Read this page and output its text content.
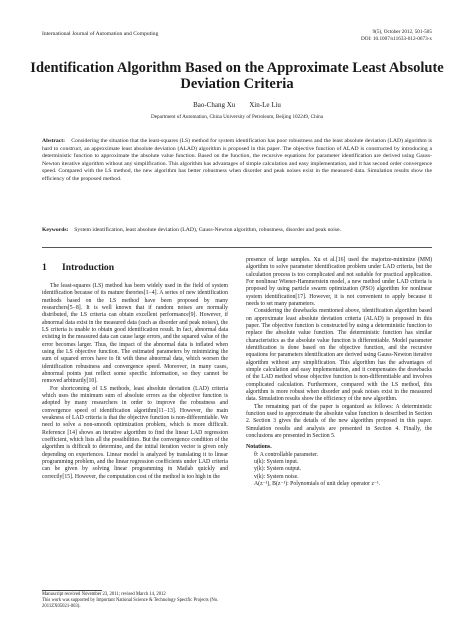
International Journal of Automation and Computing	9(5), October 2012, 501-505
DOI: 10.1007/s11633-012-0673-x
Identification Algorithm Based on the Approximate Least Absolute Deviation Criteria
Bao-Chang Xu        Xin-Le Liu
Department of Automation, China University of Petroleum, Beijing 102249, China
Abstract: Considering the situation that the least-squares (LS) method for system identification has poor robustness and the least absolute deviation (LAD) algorithm is hard to construct, an approximate least absolute deviation (ALAD) algorithm is proposed in this paper. The objective function of ALAD is constructed by introducing a deterministic function to approximate the absolute value function. Based on the function, the recursive equations for parameter identification are derived using Gauss-Newton iterative algorithm without any simplification. This algorithm has advantages of simple calculation and easy implementation, and it has second order convergence speed. Compared with the LS method, the new algorithm has better robustness when disorder and peak noises exist in the measured data. Simulation results show the efficiency of the proposed method.
Keywords: System identification, least absolute deviation (LAD), Gauss-Newton algorithm, robustness, disorder and peak noise.
1 Introduction

The least-squares (LS) method has been widely used in the field of system identification because of its mature theories[1−4]. A series of new identification methods based on the LS method have been proposed by many researchers[5−8]. It is well known that if random noises are normally distributed, the LS criteria can obtain excellent performance[9]. However, if abnormal data exist in the measured data (such as disorder and peak noises), the LS criteria is unable to obtain good identification result. In fact, abnormal data existing in the measured data can cause large errors, and the squared value of the error becomes larger. Thus, the impact of the abnormal data is inflated when using the LS objective function. The estimated parameters by minimizing the sum of squared errors have to fit with these abnormal data, which worsen the identification robustness and convergence speed. Moreover, in many cases, abnormal points just reflect some specific information, so they cannot be removed arbitrarily[10].

For shortcoming of LS methods, least absolute deviation (LAD) criteria which uses the minimum sum of absolute errors as the objective function is adopted by many researchers in order to improve the robustness and convergence speed of identification algorithm[11−13]. However, the main weakness of LAD criteria is that the objective function is non-differentiable. We need to solve a non-smooth optimization problem, which is more difficult. Reference [14] shows an iterative algorithm to find the linear LAD regression coefficient, which lists all the possibilities. But the convergence condition of the algorithm is difficult to determine, and the initial iteration vector is given only depending on experiences. Linear model is analyzed by translating it to linear programming problem, and the linear regression coefficients under LAD criteria can be given by solving linear programming in Matlab quickly and correctly[15]. However, the computation cost of the method is too high in the

presence of large samples. Xu et al.[16] used the majorize-minimize (MM) algorithm to solve parameter identification problem under LAD criteria, but the calculation process is too complicated and not suitable for practical application. For nonlinear Wiener-Hammerstein model, a new method under LAD criteria is proposed by using particle swarm optimization (PSO) algorithm for nonlinear system identification[17]. However, it is not convenient to apply because it needs to set many parameters.

Considering the drawbacks mentioned above, identification algorithm based on approximate least absolute deviation criteria (ALAD) is proposed in this paper. The objective function is constructed by using a deterministic function to replace the absolute value function. The deterministic function has similar characteristics as the absolute value function is differentiable. Model parameter identification is done based on the objective function, and the recursive equations for parameters identification are derived using Gauss-Newton iterative algorithm without any simplification. This algorithm has the advantages of simple calculation and easy implementation, and it compensates the drawbacks of the LAD method whose objective function is non-differentiable and involves complicated calculation. Furthermore, compared with the LS method, this algorithm is more robust when disorder and peak noises exist in the measured data. Simulation results show the efficiency of the new algorithm.

The remaining part of the paper is organized as follows: A deterministic function used to approximate the absolute value function is described in Section 2. Section 3 gives the details of the new algorithm proposed in this paper. Simulation results and analysis are presented in Section 4. Finally, the conclusions are presented in Section 5.

Notations.
θ: A controllable parameter.
u(k): System input.
y(k): System output.
v(k): System noise.
A(z⁻¹), B(z⁻¹): Polynomials of unit delay operator z⁻¹.
Manuscript received November 23, 2011; revised March 14, 2012
This work was supported by Important National Science & Technology Specific Projects (No. 2011ZX05021-003).
